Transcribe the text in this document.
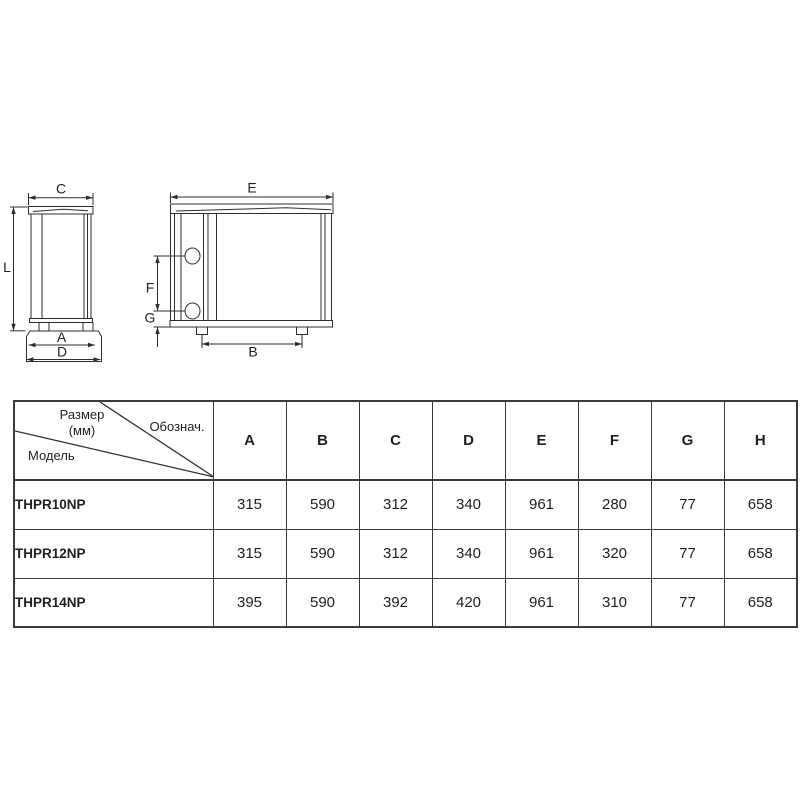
C
L
A
D
E
F
G
B
Размер
(мм) Обознач.
Модель	A	B	C	D	E	F	G	H
THPR10NP	315	590	312	340	961	280	77	658
THPR12NP	315	590	312	340	961	320	77	658
THPR14NP	395	590	392	420	961	310	77	658
